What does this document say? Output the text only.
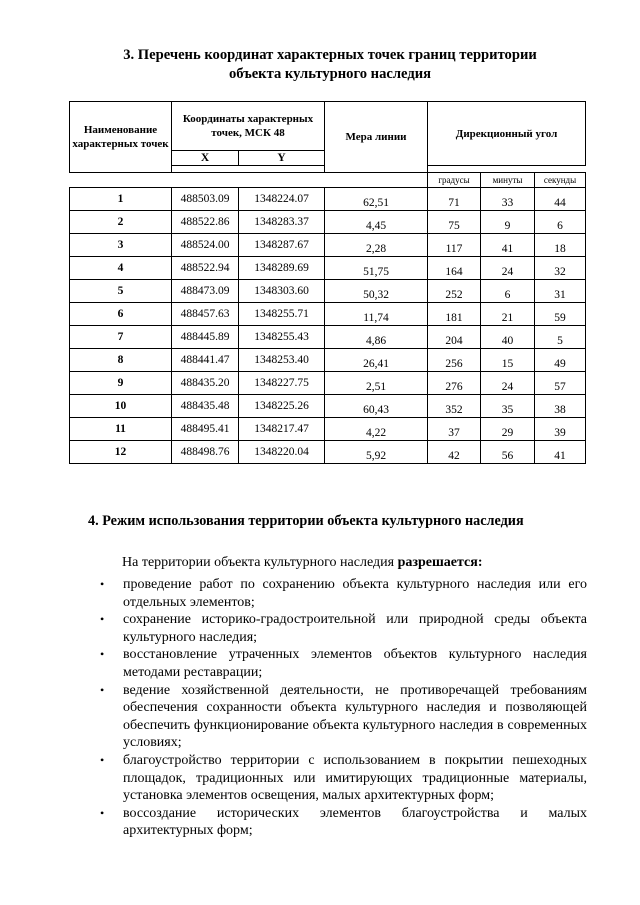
3. Перечень координат характерных точек границ территории
объекта культурного наследия
Наименование характерных точек	Координаты характерных точек, МСК 48		Мера линии	Дирекционный угол		
	X	Y				

				градусы	минуты	секунды
1	488503.09	1348224.07	62,51	71	33	44
2	488522.86	1348283.37	4,45	75	9	6
3	488524.00	1348287.67	2,28	117	41	18
4	488522.94	1348289.69	51,75	164	24	32
5	488473.09	1348303.60	50,32	252	6	31
6	488457.63	1348255.71	11,74	181	21	59
7	488445.89	1348255.43	4,86	204	40	5
8	488441.47	1348253.40	26,41	256	15	49
9	488435.20	1348227.75	2,51	276	24	57
10	488435.48	1348225.26	60,43	352	35	38
11	488495.41	1348217.47	4,22	37	29	39
12	488498.76	1348220.04	5,92	42	56	41
4. Режим использования территории объекта культурного наследия
На территории объекта культурного наследия разрешается:
• проведение работ по сохранению объекта культурного наследия или его отдельных элементов;
• сохранение историко-градостроительной или природной среды объекта культурного наследия;
• восстановление утраченных элементов объектов культурного наследия методами реставрации;
• ведение хозяйственной деятельности, не противоречащей требованиям обеспечения сохранности объекта культурного наследия и позволяющей обеспечить функционирование объекта культурного наследия в современных условиях;
• благоустройство территории с использованием в покрытии пешеходных площадок, традиционных или имитирующих традиционные материалы, установка элементов освещения, малых архитектурных форм;
• воссоздание исторических элементов благоустройства и малых архитектурных форм;
